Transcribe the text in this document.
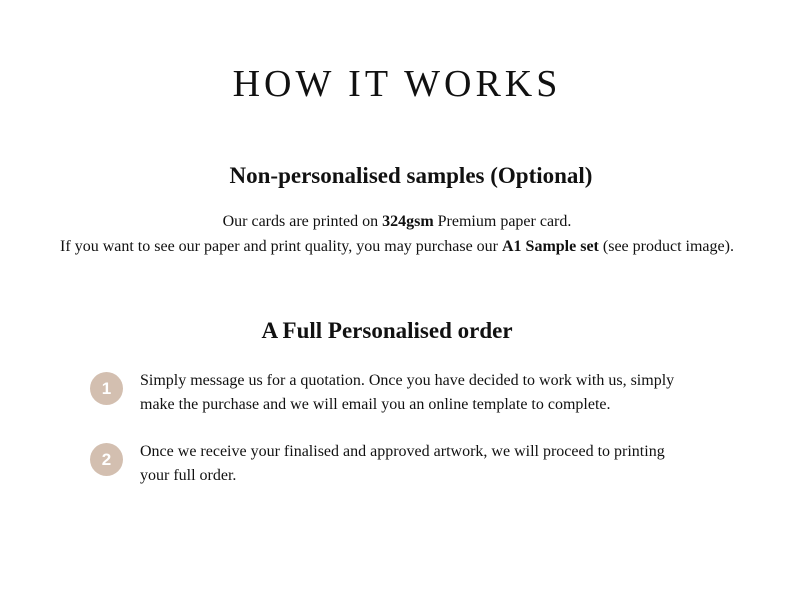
HOW IT WORKS
Non-personalised samples (Optional)
Our cards are printed on 324gsm Premium paper card.
If you want to see our paper and print quality, you may purchase our A1 Sample set (see product image).
A Full Personalised order
1	Simply message us for a quotation. Once you have decided to work with us, simply
make the purchase and we will email you an online template to complete.
2	Once we receive your finalised and approved artwork, we will proceed to printing
your full order.
